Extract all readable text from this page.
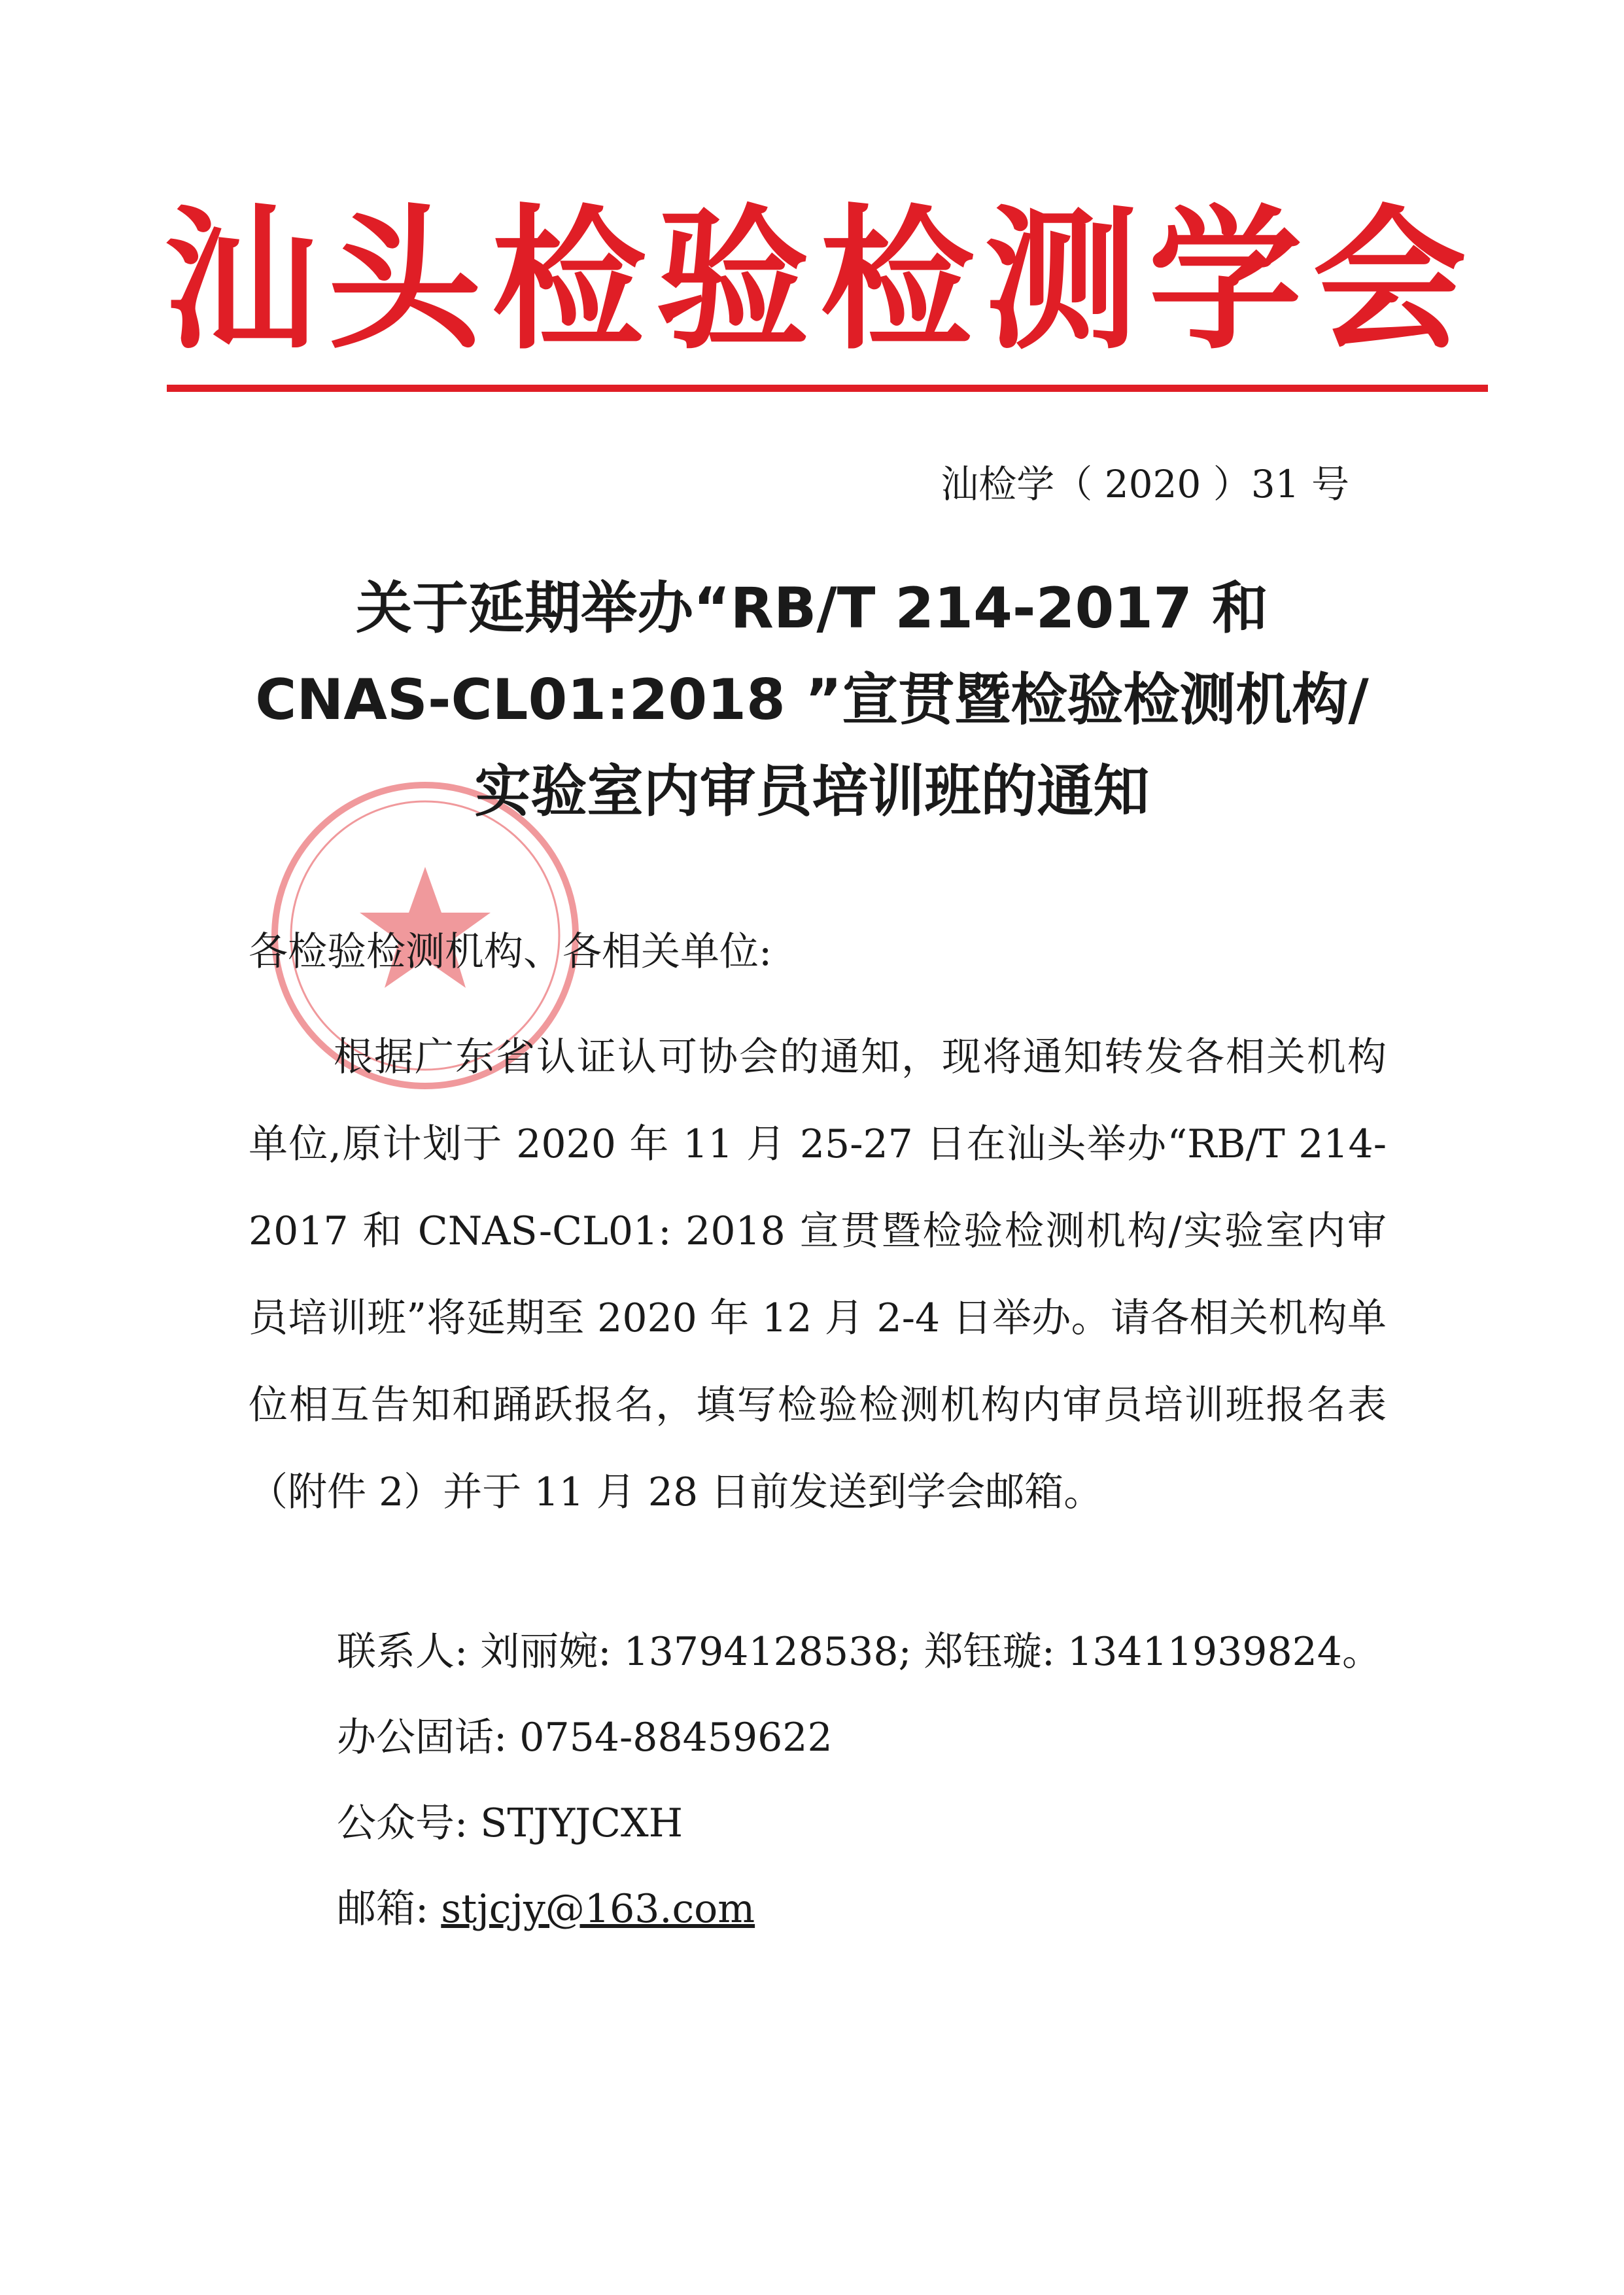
汕头检验检测学会
汕检学（ 2020 ）31 号
关于延期举办“RB/T 214-2017 和
CNAS-CL01:2018 ”宣贯暨检验检测机构/
实验室内审员培训班的通知
各检验检测机构、各相关单位:
根据广东省认证认可协会的通知，现将通知转发各相关机构单位,原计划于 2020 年 11 月 25-27 日在汕头举办“RB/T 214-2017 和 CNAS-CL01: 2018 宣贯暨检验检测机构/实验室内审员培训班”将延期至 2020 年 12 月 2-4 日举办。请各相关机构单位相互告知和踊跃报名，填写检验检测机构内审员培训班报名表（附件 2）并于 11 月 28 日前发送到学会邮箱。
联系人: 刘丽婉: 13794128538; 郑钰璇: 13411939824。
办公固话: 0754-88459622
公众号: STJYJCXH
邮箱: stjcjy@163.com
